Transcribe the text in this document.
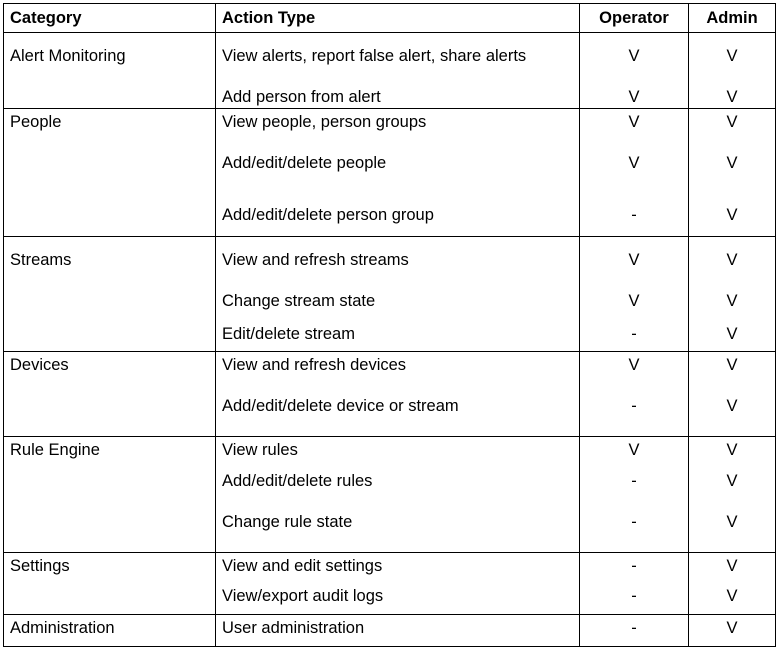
Category	Action Type	Operator	Admin
Alert Monitoring	View alerts, report false alert, share alerts	V	V
	Add person from alert	V	V
People	View people, person groups	V	V
	Add/edit/delete people	V	V
	Add/edit/delete person group	-	V
Streams	View and refresh streams	V	V
	Change stream state	V	V
	Edit/delete stream	-	V
Devices	View and refresh devices	V	V
	Add/edit/delete device or stream	-	V
Rule Engine	View rules	V	V
	Add/edit/delete rules	-	V
	Change rule state	-	V
Settings	View and edit settings	-	V
	View/export audit logs	-	V
Administration	User administration	-	V
